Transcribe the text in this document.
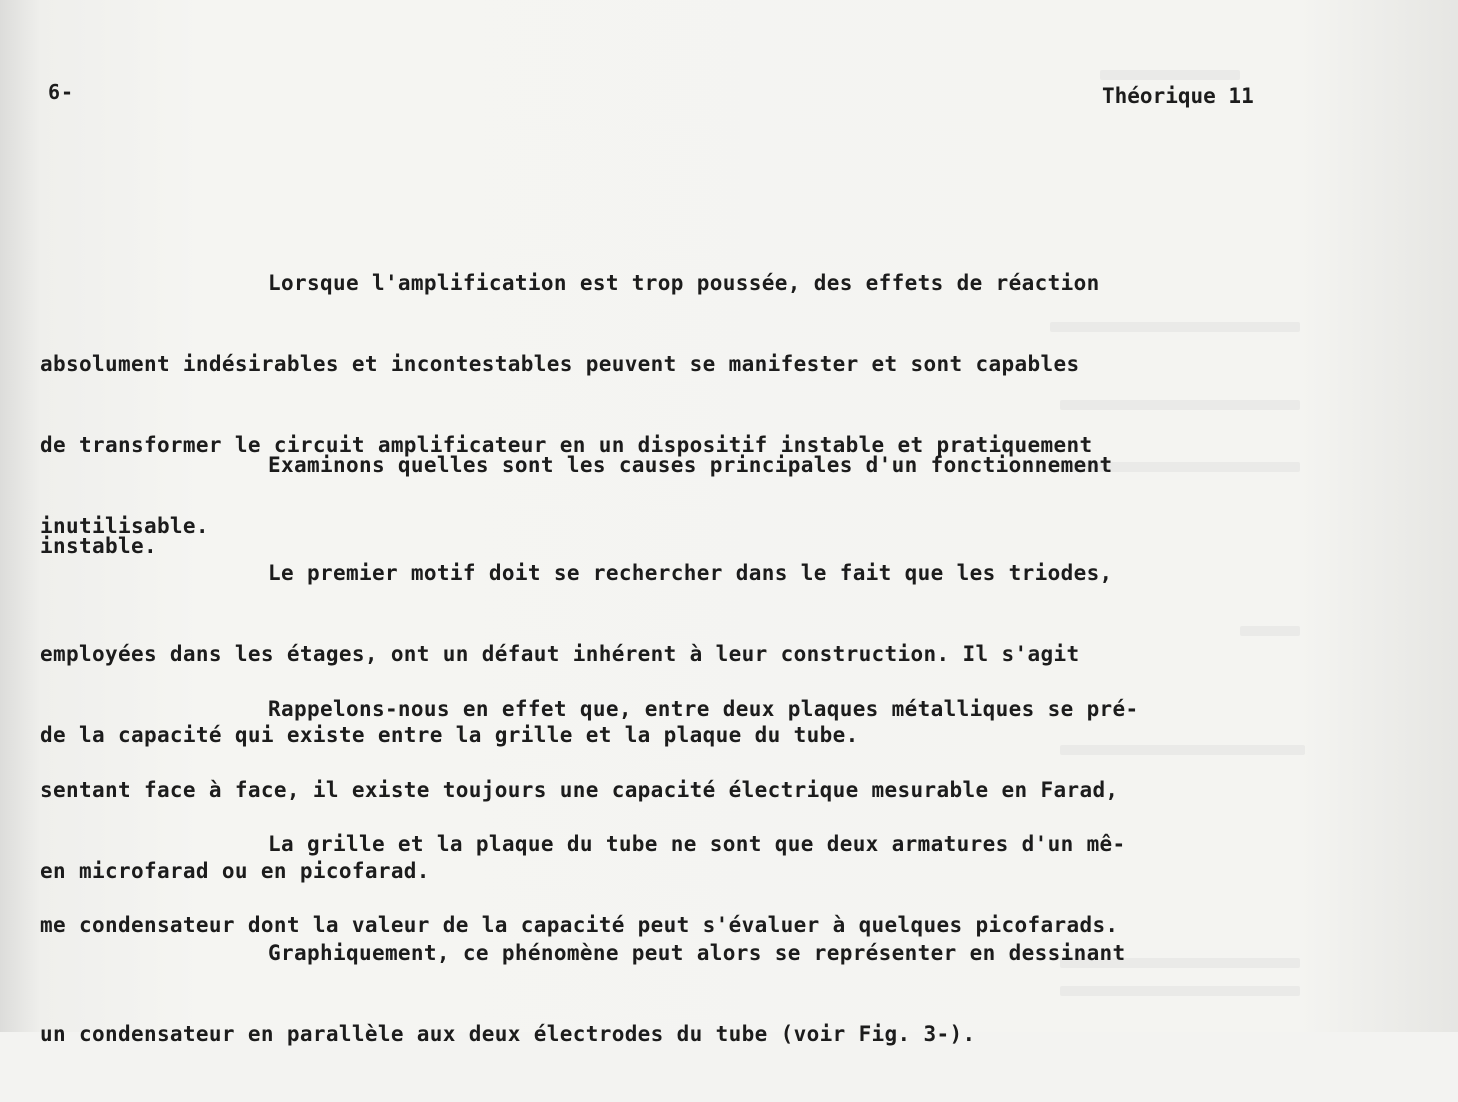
6-	Théorique 11

Lorsque l'amplification est trop poussée, des effets de réaction

absolument indésirables et incontestables peuvent se manifester et sont capables

de transformer le circuit amplificateur en un dispositif instable et pratiquement

inutilisable.

Examinons quelles sont les causes principales d'un fonctionnement

instable.

Le premier motif doit se rechercher dans le fait que les triodes,

employées dans les étages, ont un défaut inhérent à leur construction. Il s'agit

de la capacité qui existe entre la grille et la plaque du tube.

Rappelons-nous en effet que, entre deux plaques métalliques se pré-

sentant face à face, il existe toujours une capacité électrique mesurable en Farad,

en microfarad ou en picofarad.

La grille et la plaque du tube ne sont que deux armatures d'un mê-

me condensateur dont la valeur de la capacité peut s'évaluer à quelques picofarads.

Graphiquement, ce phénomène peut alors se représenter en dessinant

un condensateur en parallèle aux deux électrodes du tube (voir Fig. 3-).
